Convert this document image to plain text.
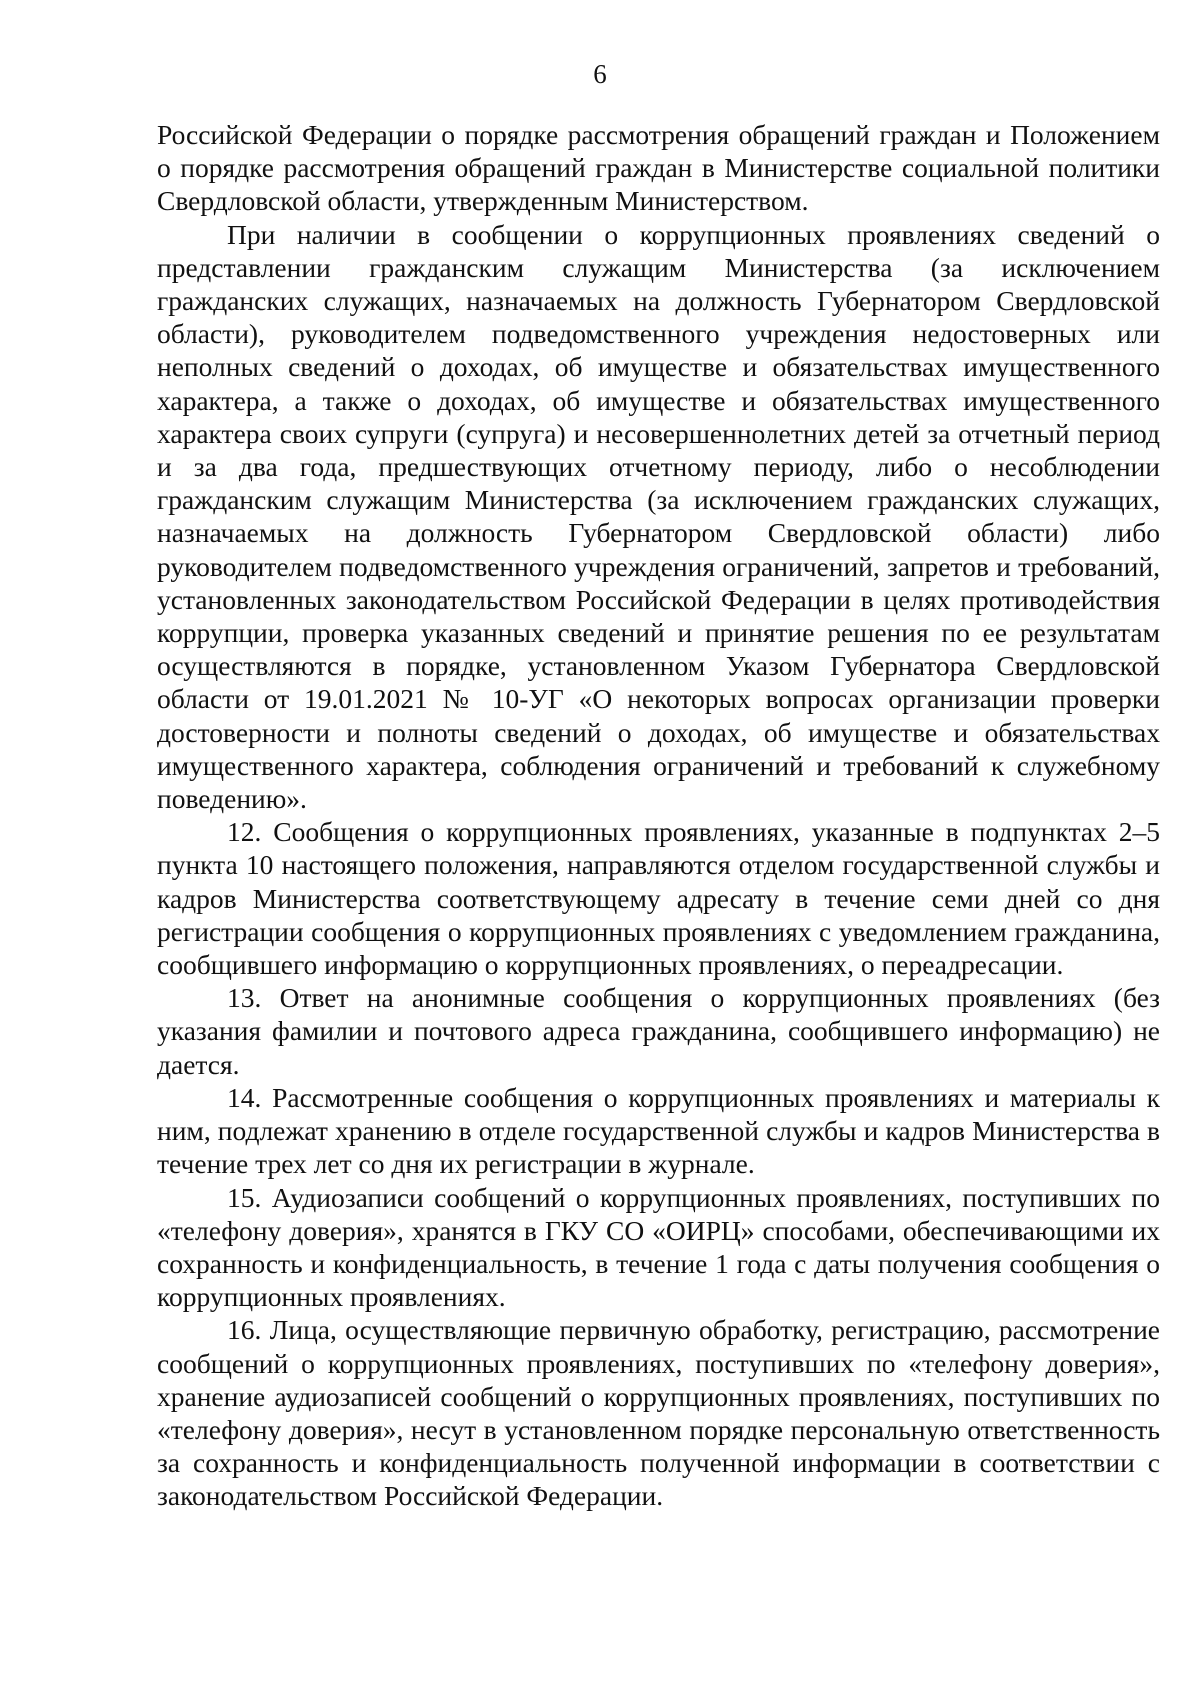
6

Российской Федерации о порядке рассмотрения обращений граждан и Положением о порядке рассмотрения обращений граждан в Министерстве социальной политики Свердловской области, утвержденным Министерством.

При наличии в сообщении о коррупционных проявлениях сведений о представлении гражданским служащим Министерства (за исключением гражданских служащих, назначаемых на должность Губернатором Свердловской области), руководителем подведомственного учреждения недостоверных или неполных сведений о доходах, об имуществе и обязательствах имущественного характера, а также о доходах, об имуществе и обязательствах имущественного характера своих супруги (супруга) и несовершеннолетних детей за отчетный период и за два года, предшествующих отчетному периоду, либо о несоблюдении гражданским служащим Министерства (за исключением гражданских служащих, назначаемых на должность Губернатором Свердловской области) либо руководителем подведомственного учреждения ограничений, запретов и требований, установленных законодательством Российской Федерации в целях противодействия коррупции, проверка указанных сведений и принятие решения по ее результатам осуществляются в порядке, установленном Указом Губернатора Свердловской области от 19.01.2021 № 10-УГ «О некоторых вопросах организации проверки достоверности и полноты сведений о доходах, об имуществе и обязательствах имущественного характера, соблюдения ограничений и требований к служебному поведению».

12. Сообщения о коррупционных проявлениях, указанные в подпунктах 2–5 пункта 10 настоящего положения, направляются отделом государственной службы и кадров Министерства соответствующему адресату в течение семи дней со дня регистрации сообщения о коррупционных проявлениях с уведомлением гражданина, сообщившего информацию о коррупционных проявлениях, о переадресации.

13. Ответ на анонимные сообщения о коррупционных проявлениях (без указания фамилии и почтового адреса гражданина, сообщившего информацию) не дается.

14. Рассмотренные сообщения о коррупционных проявлениях и материалы к ним, подлежат хранению в отделе государственной службы и кадров Министерства в течение трех лет со дня их регистрации в журнале.

15. Аудиозаписи сообщений о коррупционных проявлениях, поступивших по «телефону доверия», хранятся в ГКУ СО «ОИРЦ» способами, обеспечивающими их сохранность и конфиденциальность, в течение 1 года с даты получения сообщения о коррупционных проявлениях.

16. Лица, осуществляющие первичную обработку, регистрацию, рассмотрение сообщений о коррупционных проявлениях, поступивших по «телефону доверия», хранение аудиозаписей сообщений о коррупционных проявлениях, поступивших по «телефону доверия», несут в установленном порядке персональную ответственность за сохранность и конфиденциальность полученной информации в соответствии с законодательством Российской Федерации.
